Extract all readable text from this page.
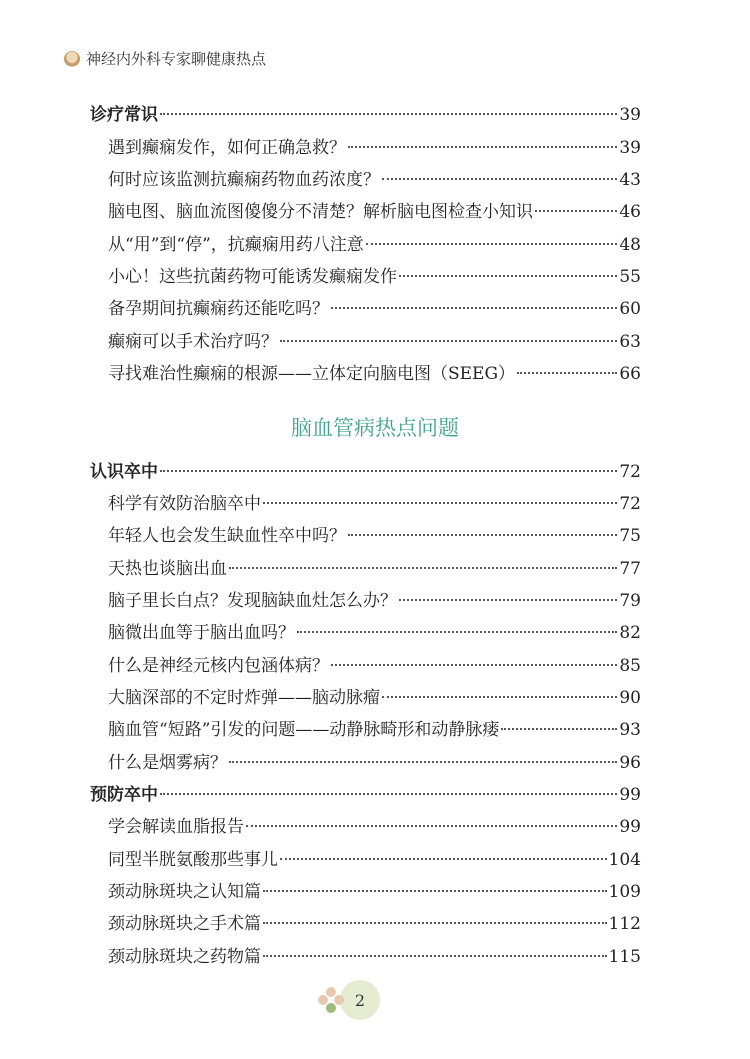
神经内外科专家聊健康热点
脑血管病热点问题
诊疗常识	39
遇到癫痫发作，如何正确急救？	39
何时应该监测抗癫痫药物血药浓度？	43
脑电图、脑血流图傻傻分不清楚？解析脑电图检查小知识	46
从“用”到“停”，抗癫痫用药八注意	48
小心！这些抗菌药物可能诱发癫痫发作	55
备孕期间抗癫痫药还能吃吗？	60
癫痫可以手术治疗吗？	63
寻找难治性癫痫的根源——立体定向脑电图（SEEG）	66
认识卒中	72
科学有效防治脑卒中	72
年轻人也会发生缺血性卒中吗？	75
天热也谈脑出血	77
脑子里长白点？发现脑缺血灶怎么办？	79
脑微出血等于脑出血吗？	82
什么是神经元核内包涵体病？	85
大脑深部的不定时炸弹——脑动脉瘤	90
脑血管“短路”引发的问题——动静脉畸形和动静脉瘘	93
什么是烟雾病？	96
预防卒中	99
学会解读血脂报告	99
同型半胱氨酸那些事儿	104
颈动脉斑块之认知篇	109
颈动脉斑块之手术篇	112
颈动脉斑块之药物篇	115
2
